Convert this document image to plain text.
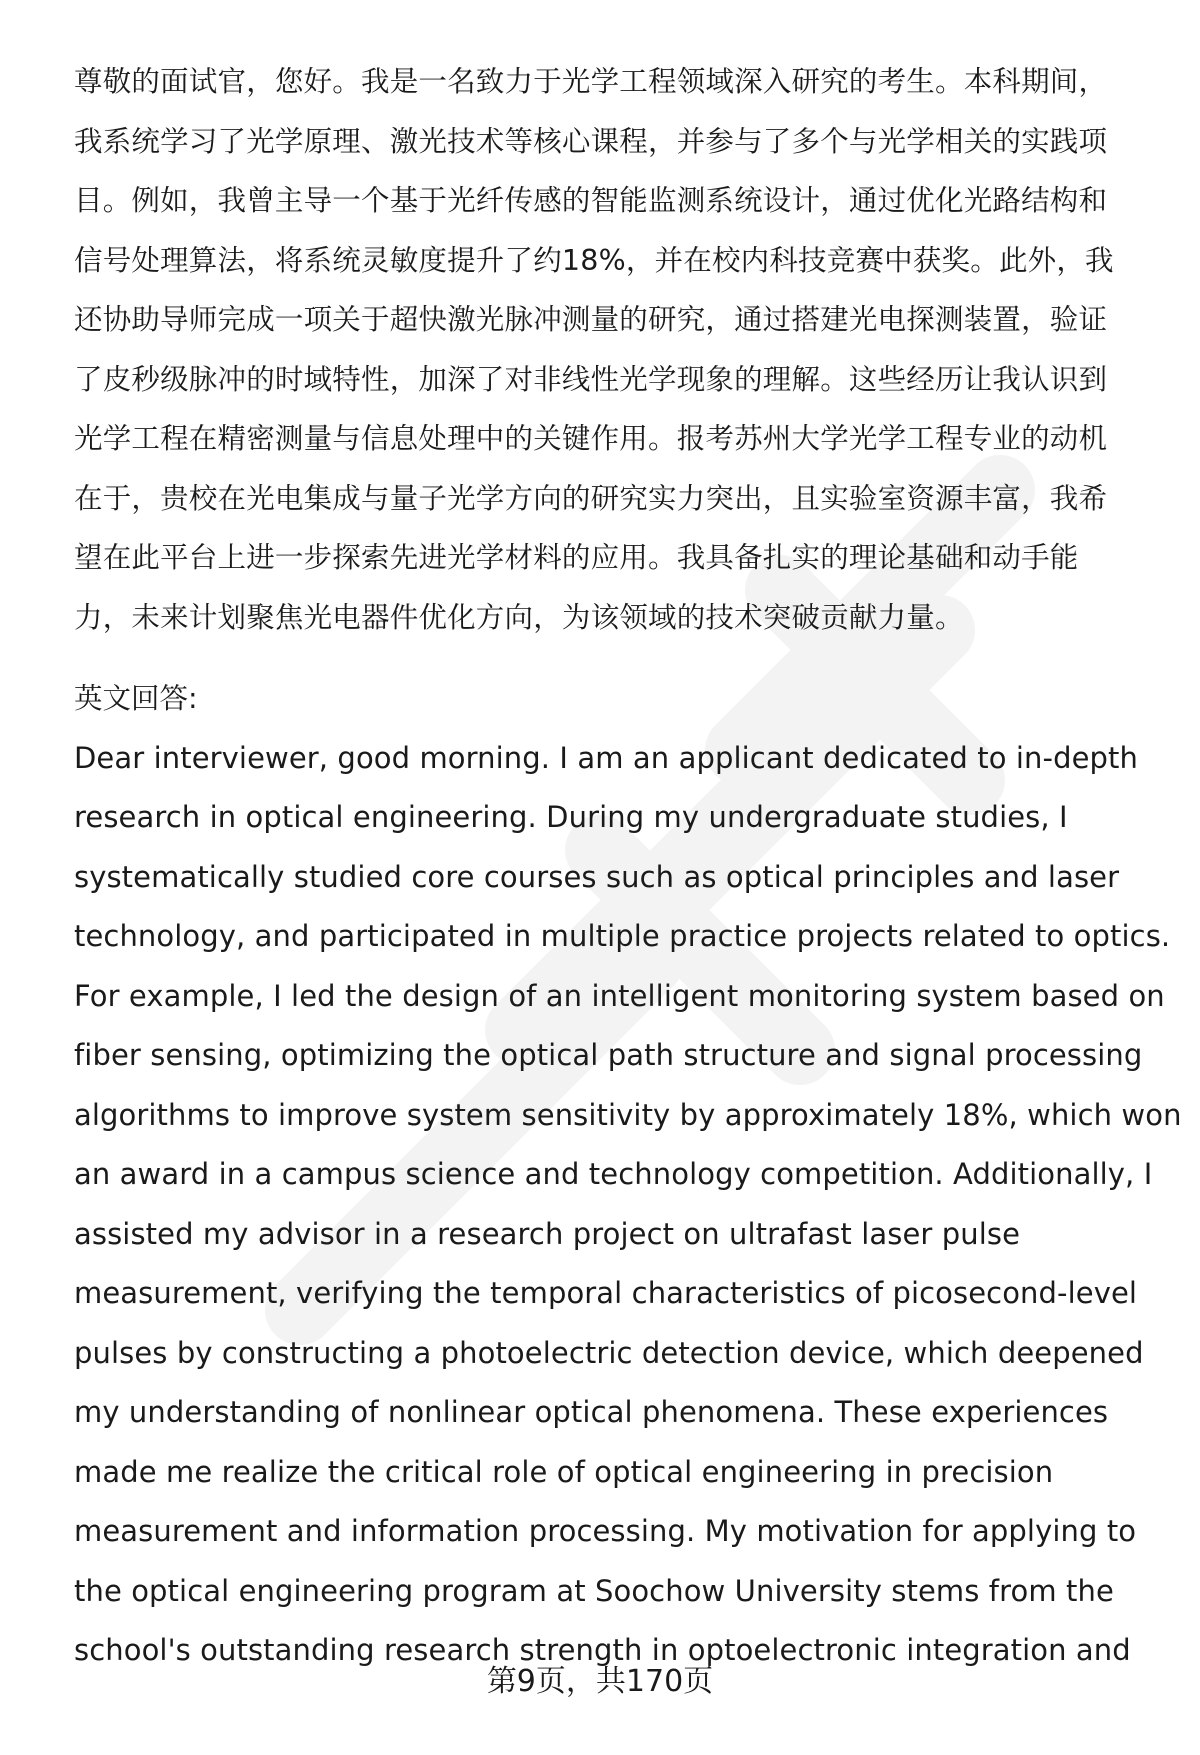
尊敬的面试官，您好。我是一名致力于光学工程领域深入研究的考生。本科期间，
我系统学习了光学原理、激光技术等核心课程，并参与了多个与光学相关的实践项
目。例如，我曾主导一个基于光纤传感的智能监测系统设计，通过优化光路结构和
信号处理算法，将系统灵敏度提升了约18%，并在校内科技竞赛中获奖。此外，我
还协助导师完成一项关于超快激光脉冲测量的研究，通过搭建光电探测装置，验证
了皮秒级脉冲的时域特性，加深了对非线性光学现象的理解。这些经历让我认识到
光学工程在精密测量与信息处理中的关键作用。报考苏州大学光学工程专业的动机
在于，贵校在光电集成与量子光学方向的研究实力突出，且实验室资源丰富，我希
望在此平台上进一步探索先进光学材料的应用。我具备扎实的理论基础和动手能
力，未来计划聚焦光电器件优化方向，为该领域的技术突破贡献力量。

英文回答:

Dear interviewer, good morning. I am an applicant dedicated to in-depth
research in optical engineering. During my undergraduate studies, I
systematically studied core courses such as optical principles and laser
technology, and participated in multiple practice projects related to optics.
For example, I led the design of an intelligent monitoring system based on
fiber sensing, optimizing the optical path structure and signal processing
algorithms to improve system sensitivity by approximately 18%, which won
an award in a campus science and technology competition. Additionally, I
assisted my advisor in a research project on ultrafast laser pulse
measurement, verifying the temporal characteristics of picosecond-level
pulses by constructing a photoelectric detection device, which deepened
my understanding of nonlinear optical phenomena. These experiences
made me realize the critical role of optical engineering in precision
measurement and information processing. My motivation for applying to
the optical engineering program at Soochow University stems from the
school's outstanding research strength in optoelectronic integration and

第9页，共170页
